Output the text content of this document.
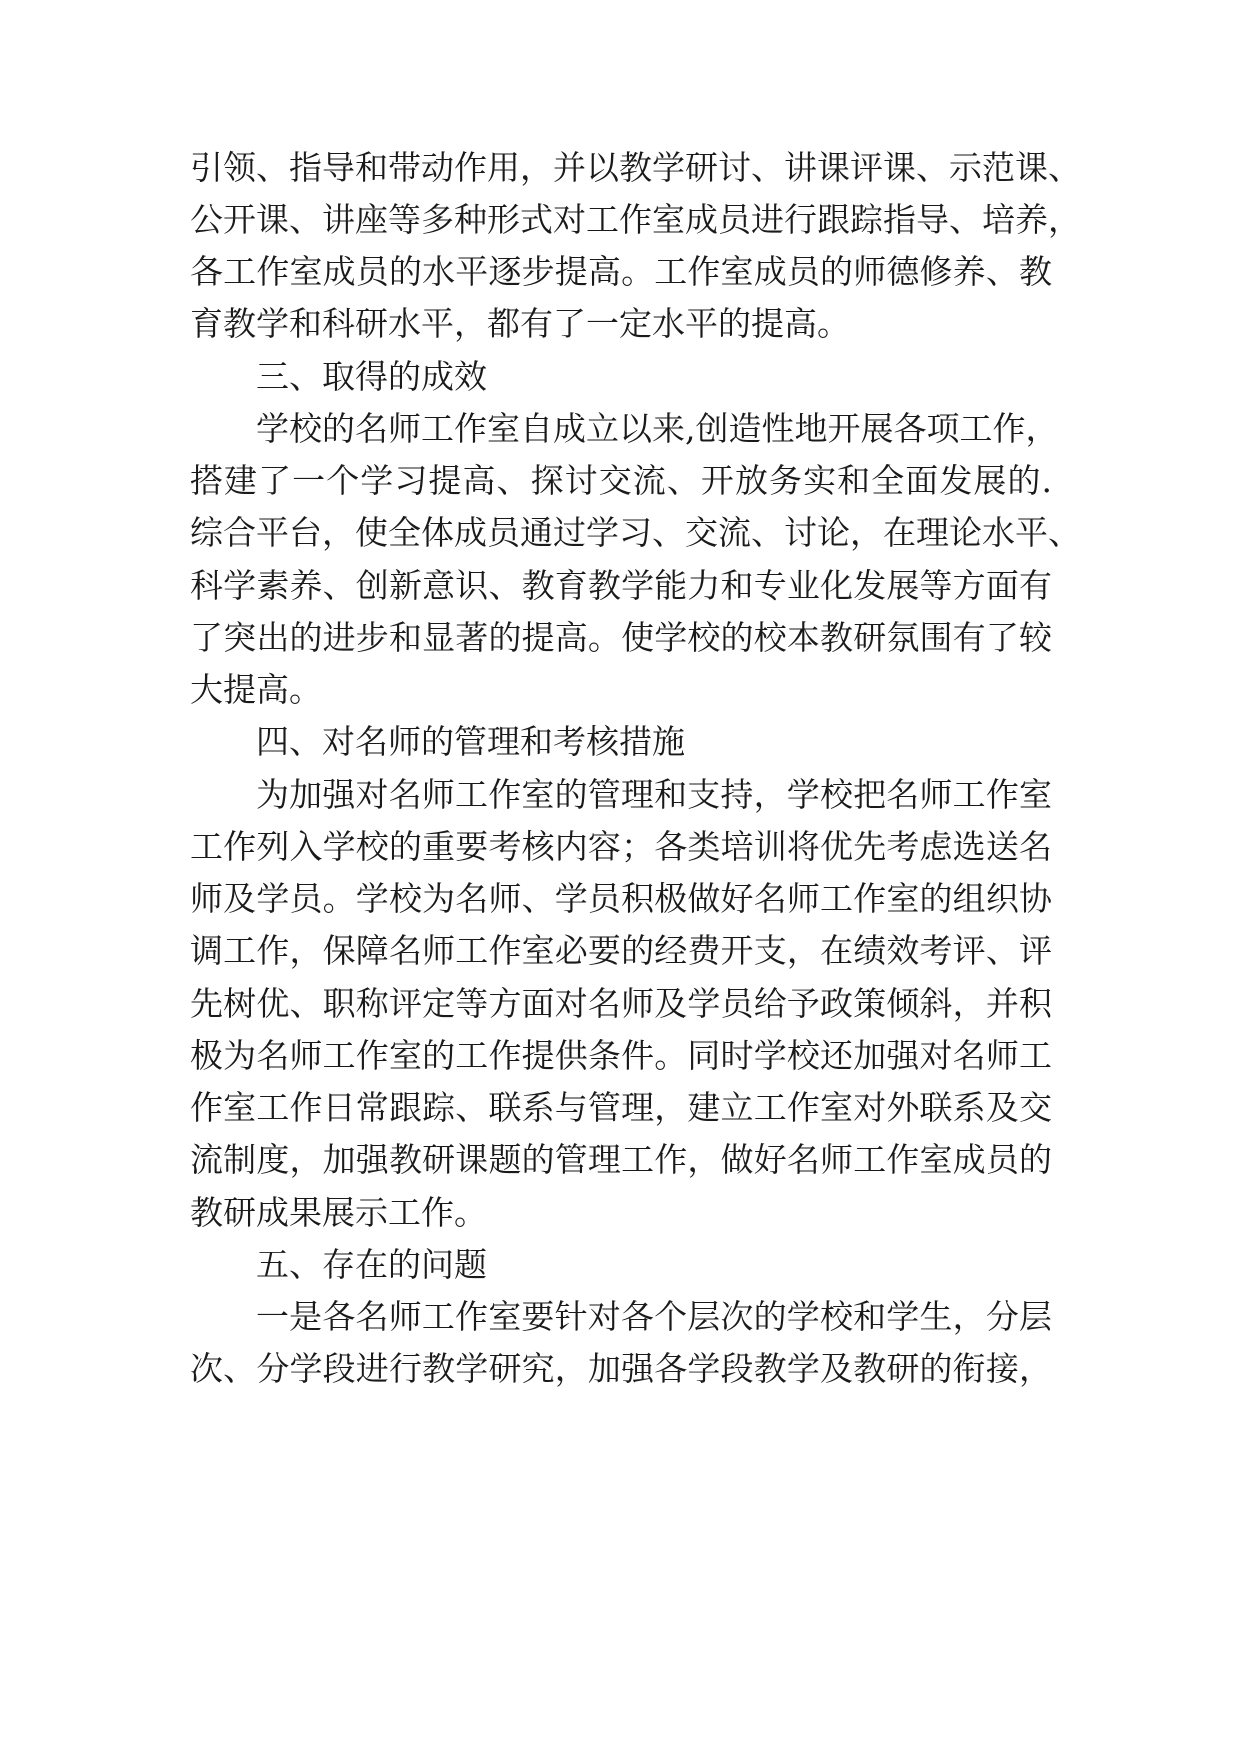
引领、指导和带动作用，并以教学研讨、讲课评课、示范课、
公开课、讲座等多种形式对工作室成员进行跟踪指导、培养，
各工作室成员的水平逐步提高。工作室成员的师德修养、教
育教学和科研水平，都有了一定水平的提高。
三、取得的成效
学校的名师工作室自成立以来,创造性地开展各项工作，
搭建了一个学习提高、探讨交流、开放务实和全面发展的.
综合平台，使全体成员通过学习、交流、讨论，在理论水平、
科学素养、创新意识、教育教学能力和专业化发展等方面有
了突出的进步和显著的提高。使学校的校本教研氛围有了较
大提高。
四、对名师的管理和考核措施
为加强对名师工作室的管理和支持，学校把名师工作室
工作列入学校的重要考核内容；各类培训将优先考虑选送名
师及学员。学校为名师、学员积极做好名师工作室的组织协
调工作，保障名师工作室必要的经费开支，在绩效考评、评
先树优、职称评定等方面对名师及学员给予政策倾斜，并积
极为名师工作室的工作提供条件。同时学校还加强对名师工
作室工作日常跟踪、联系与管理，建立工作室对外联系及交
流制度，加强教研课题的管理工作，做好名师工作室成员的
教研成果展示工作。
五、存在的问题
一是各名师工作室要针对各个层次的学校和学生，分层
次、分学段进行教学研究，加强各学段教学及教研的衔接，
